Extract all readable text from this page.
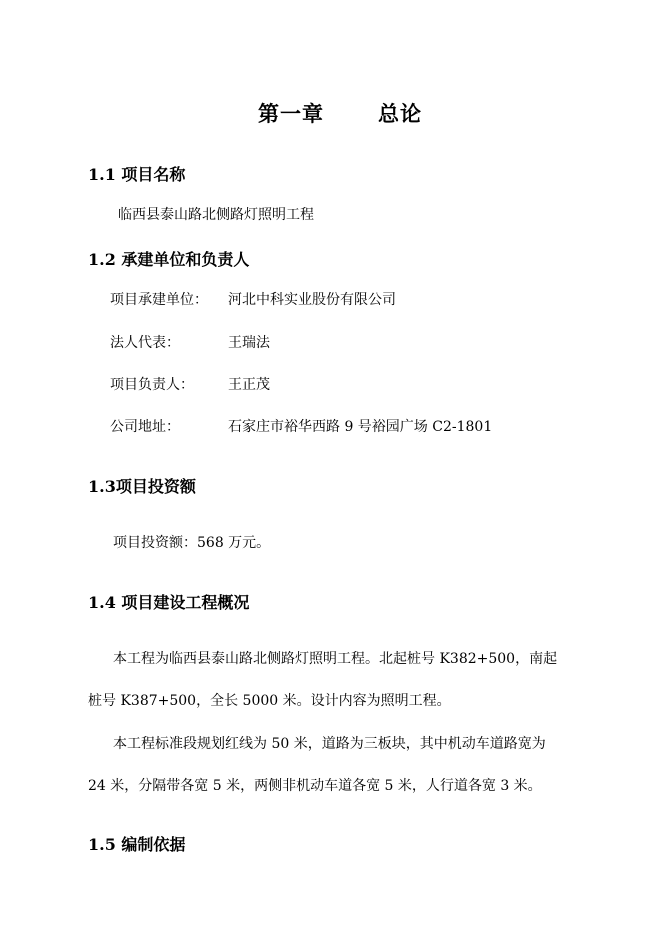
第一章	总论
1.1 项目名称
临西县泰山路北侧路灯照明工程
1.2 承建单位和负责人
项目承建单位： 河北中科实业股份有限公司
法人代表：	王瑞法
项目负责人： 王正茂
公司地址：	石家庄市裕华西路 9 号裕园广场 C2-1801
1.3项目投资额
项目投资额：568 万元。
1.4 项目建设工程概况
本工程为临西县泰山路北侧路灯照明工程。北起桩号 K382+500，南起
桩号 K387+500，全长 5000 米。设计内容为照明工程。
本工程标准段规划红线为 50 米，道路为三板块，其中机动车道路宽为
24 米，分隔带各宽 5 米，两侧非机动车道各宽 5 米，人行道各宽 3 米。
1.5 编制依据
